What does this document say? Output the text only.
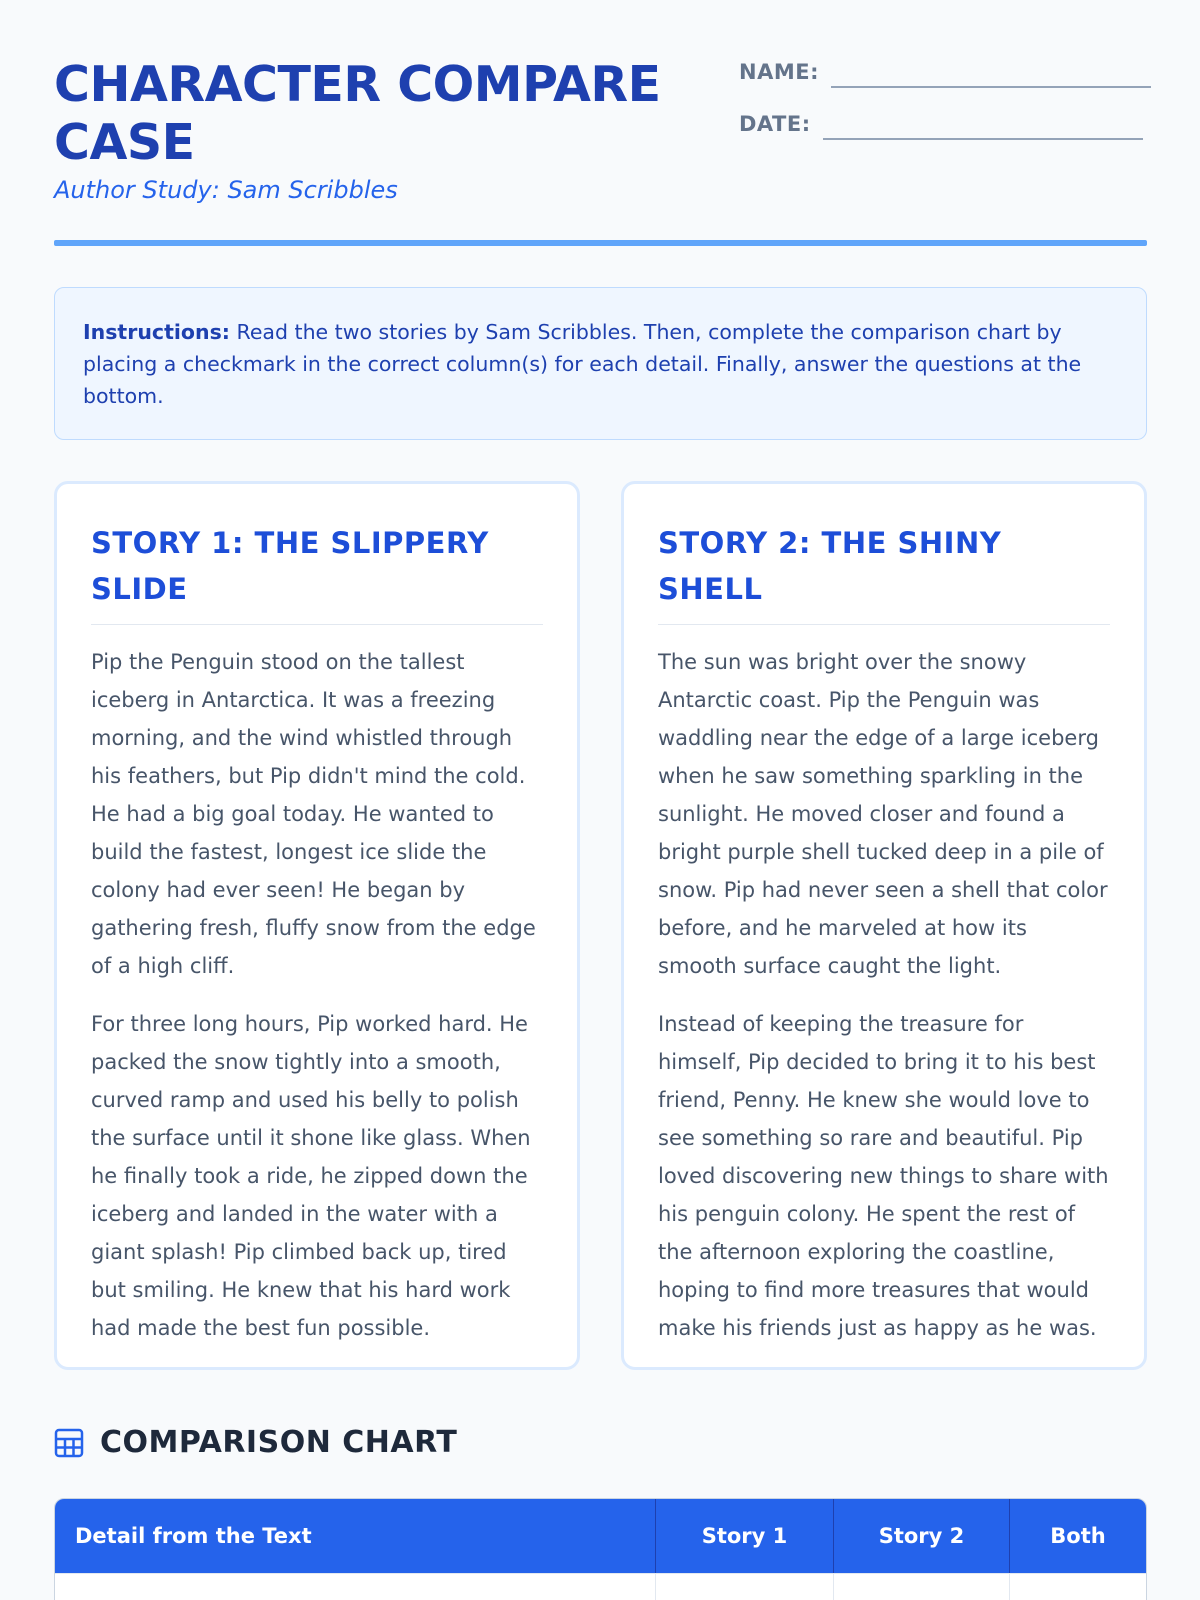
CHARACTER COMPARE CASE
Author Study: Sam Scribbles
NAME:
DATE:
Instructions: Read the two stories by Sam Scribbles. Then, complete the comparison chart by placing a checkmark in the correct column(s) for each detail. Finally, answer the questions at the bottom.
STORY 1: THE SLIPPERY SLIDE

Pip the Penguin stood on the tallest iceberg in Antarctica. It was a freezing morning, and the wind whistled through his feathers, but Pip didn't mind the cold. He had a big goal today. He wanted to build the fastest, longest ice slide the colony had ever seen! He began by gathering fresh, fluffy snow from the edge of a high cliff.

For three long hours, Pip worked hard. He packed the snow tightly into a smooth, curved ramp and used his belly to polish the surface until it shone like glass. When he finally took a ride, he zipped down the iceberg and landed in the water with a giant splash! Pip climbed back up, tired but smiling. He knew that his hard work had made the best fun possible.

STORY 2: THE SHINY SHELL

The sun was bright over the snowy Antarctic coast. Pip the Penguin was waddling near the edge of a large iceberg when he saw something sparkling in the sunlight. He moved closer and found a bright purple shell tucked deep in a pile of snow. Pip had never seen a shell that color before, and he marveled at how its smooth surface caught the light.

Instead of keeping the treasure for himself, Pip decided to bring it to his best friend, Penny. He knew she would love to see something so rare and beautiful. Pip loved discovering new things to share with his penguin colony. He spent the rest of the afternoon exploring the coastline, hoping to find more treasures that would make his friends just as happy as he was.

COMPARISON CHART
Detail from the Text	Story 1	Story 2	Both
